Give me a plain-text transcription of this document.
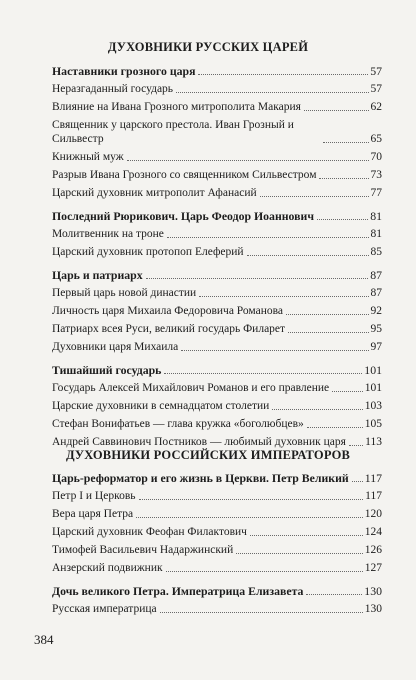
ДУХОВНИКИ РУССКИХ ЦАРЕЙ
Наставники грозного царя	57
Неразгаданный государь	57
Влияние на Ивана Грозного митрополита Макария	62
Священник у царского престола. Иван Грозный и Сильвестр	65
Книжный муж	70
Разрыв Ивана Грозного со священником Сильвестром	73
Царский духовник митрополит Афанасий	77
Последний Рюрикович. Царь Феодор Иоаннович	81
Молитвенник на троне	81
Царский духовник протопоп Елеферий	85
Царь и патриарх	87
Первый царь новой династии	87
Личность царя Михаила Федоровича Романова	92
Патриарх всея Руси, великий государь Филарет	95
Духовники царя Михаила	97
Тишайший государь	101
Государь Алексей Михайлович Романов и его правление	101
Царские духовники в семнадцатом столетии	103
Стефан Вонифатьев — глава кружка «боголюбцев»	105
Андрей Саввинович Постников — любимый духовник царя 113
ДУХОВНИКИ РОССИЙСКИХ ИМПЕРАТОРОВ
Царь-реформатор и его жизнь в Церкви. Петр Великий 117
Петр I и Церковь	117
Вера царя Петра	120
Царский духовник Феофан Филактович	124
Тимофей Васильевич Надаржинский	126
Анзерский подвижник	127
Дочь великого Петра. Императрица Елизавета	130
Русская императрица	130
384
